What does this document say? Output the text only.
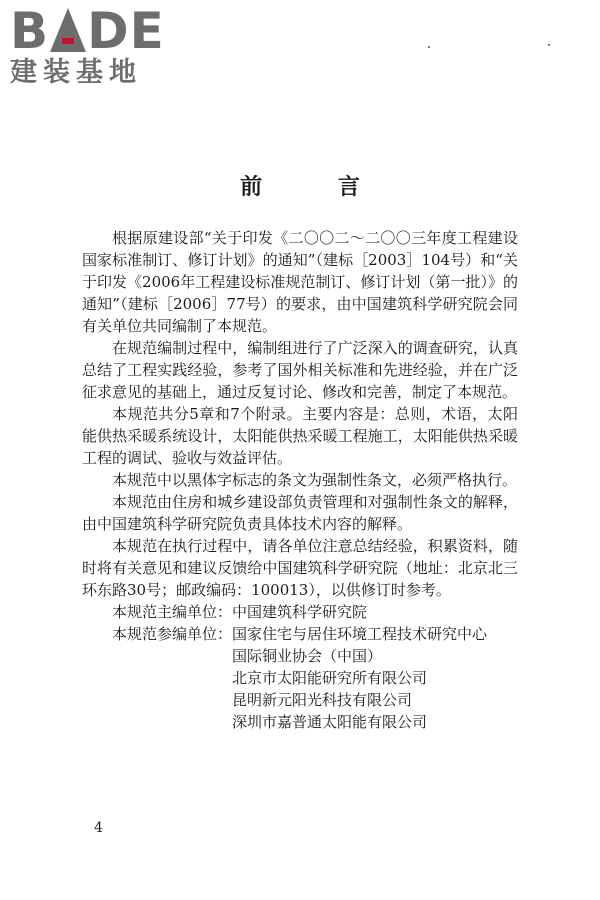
B DE
建装基地
前 言

根据原建设部“关于印发《二〇〇二～二〇〇三年度工程建设国家标准制订、修订计划》的通知”（建标［2003］104号）和“关于印发《2006年工程建设标准规范制订、修订计划（第一批）》的通知”（建标［2006］77号）的要求，由中国建筑科学研究院会同有关单位共同编制了本规范。

在规范编制过程中，编制组进行了广泛深入的调查研究，认真总结了工程实践经验，参考了国外相关标准和先进经验，并在广泛征求意见的基础上，通过反复讨论、修改和完善，制定了本规范。

本规范共分5章和7个附录。主要内容是：总则，术语，太阳能供热采暖系统设计，太阳能供热采暖工程施工，太阳能供热采暖工程的调试、验收与效益评估。

本规范中以黑体字标志的条文为强制性条文，必须严格执行。

本规范由住房和城乡建设部负责管理和对强制性条文的解释，由中国建筑科学研究院负责具体技术内容的解释。

本规范在执行过程中，请各单位注意总结经验，积累资料，随时将有关意见和建议反馈给中国建筑科学研究院（地址：北京北三环东路30号；邮政编码：100013），以供修订时参考。

本规范主编单位：中国建筑科学研究院

本规范参编单位： 国家住宅与居住环境工程技术研究中心
国际铜业协会（中国）
北京市太阳能研究所有限公司
昆明新元阳光科技有限公司
深圳市嘉普通太阳能有限公司
4
